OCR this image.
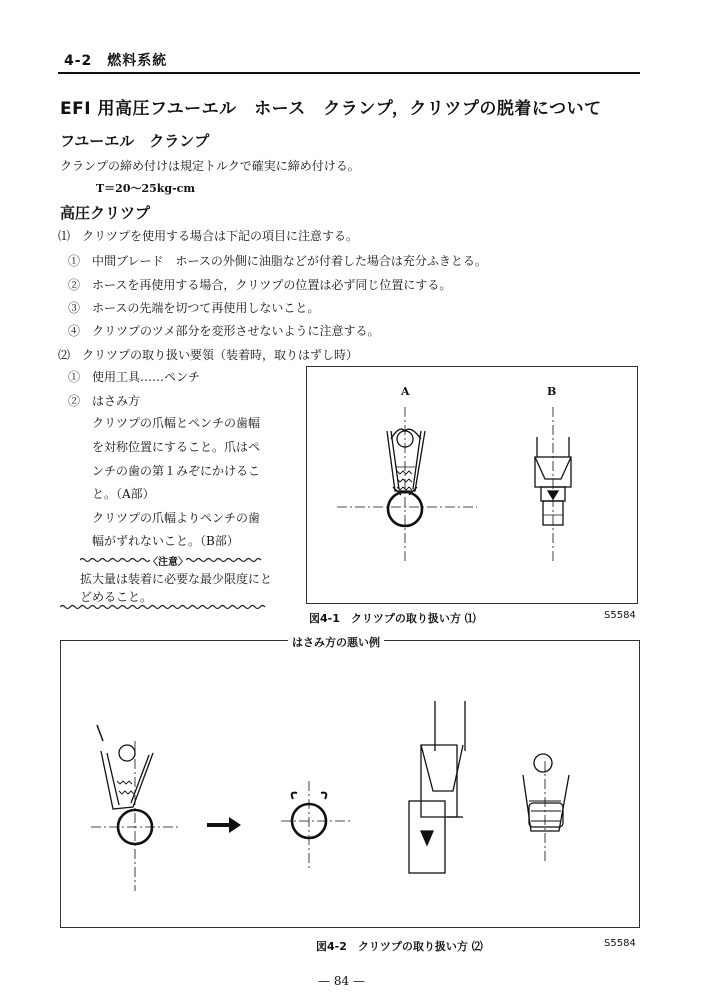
4-2　燃料系統
EFI 用高圧フユーエル　ホース　クランプ，クリツプの脱着について
フユーエル　クランプ
クランプの締め付けは規定トルクで確実に締め付ける。
T＝20～25kg-cm
高圧クリツプ
⑴　クリツプを使用する場合は下記の項目に注意する。
①　中間ブレード　ホースの外側に油脂などが付着した場合は充分ふきとる。
②　ホースを再使用する場合，クリツプの位置は必ず同じ位置にする。
③　ホースの先端を切つて再使用しないこと。
④　クリツプのツメ部分を変形させないように注意する。
⑵　クリツプの取り扱い要領（装着時，取りはずし時）
①　使用工具……ペンチ
②　はさみ方
クリツプの爪幅とペンチの歯幅
を対称位置にすること。爪はペ
ンチの歯の第１みぞにかけるこ
と。（A部）
クリツプの爪幅よりペンチの歯
幅がずれないこと。（B部）
〈注意〉
拡大量は装着に必要な最少限度にと
どめること。
A	B
図4-1　クリツプの取り扱い方 ⑴	S5584
はさみ方の悪い例
図4-2　クリツプの取り扱い方 ⑵	S5584
— 84 —
